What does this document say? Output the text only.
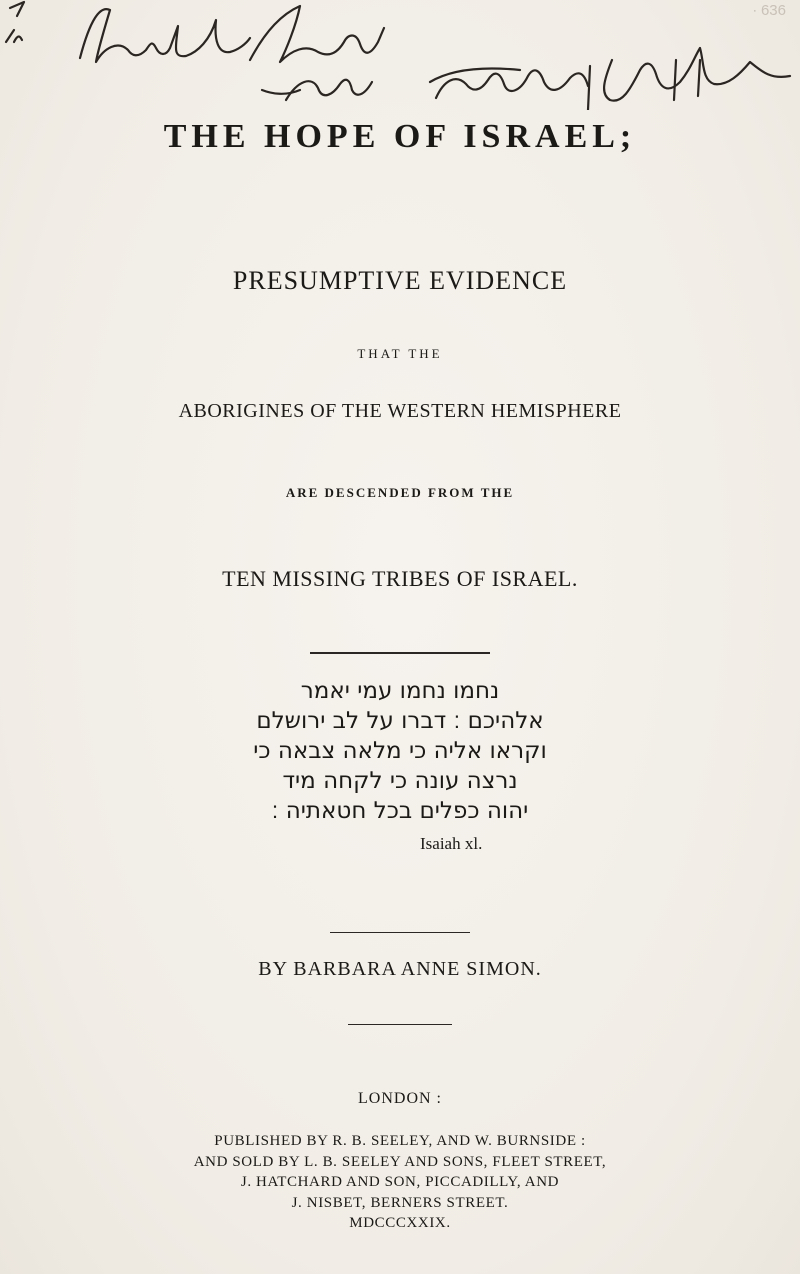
∙ 636
THE HOPE OF ISRAEL;
PRESUMPTIVE EVIDENCE
THAT THE
ABORIGINES OF THE WESTERN HEMISPHERE
ARE DESCENDED FROM THE
TEN MISSING TRIBES OF ISRAEL.
נחמו נחמו עמי יאמר
אלהיכם ׃ דברו על לב ירושלם
וקראו אליה כי מלאה צבאה כי
נרצה עונה כי לקחה מיד
יהוה כפלים בכל חטאתיה ׃
Isaiah xl.
BY BARBARA ANNE SIMON.
LONDON :
PUBLISHED BY R. B. SEELEY, AND W. BURNSIDE :
AND SOLD BY L. B. SEELEY AND SONS, FLEET STREET,
J. HATCHARD AND SON, PICCADILLY, AND
J. NISBET, BERNERS STREET.
MDCCCXXIX.
